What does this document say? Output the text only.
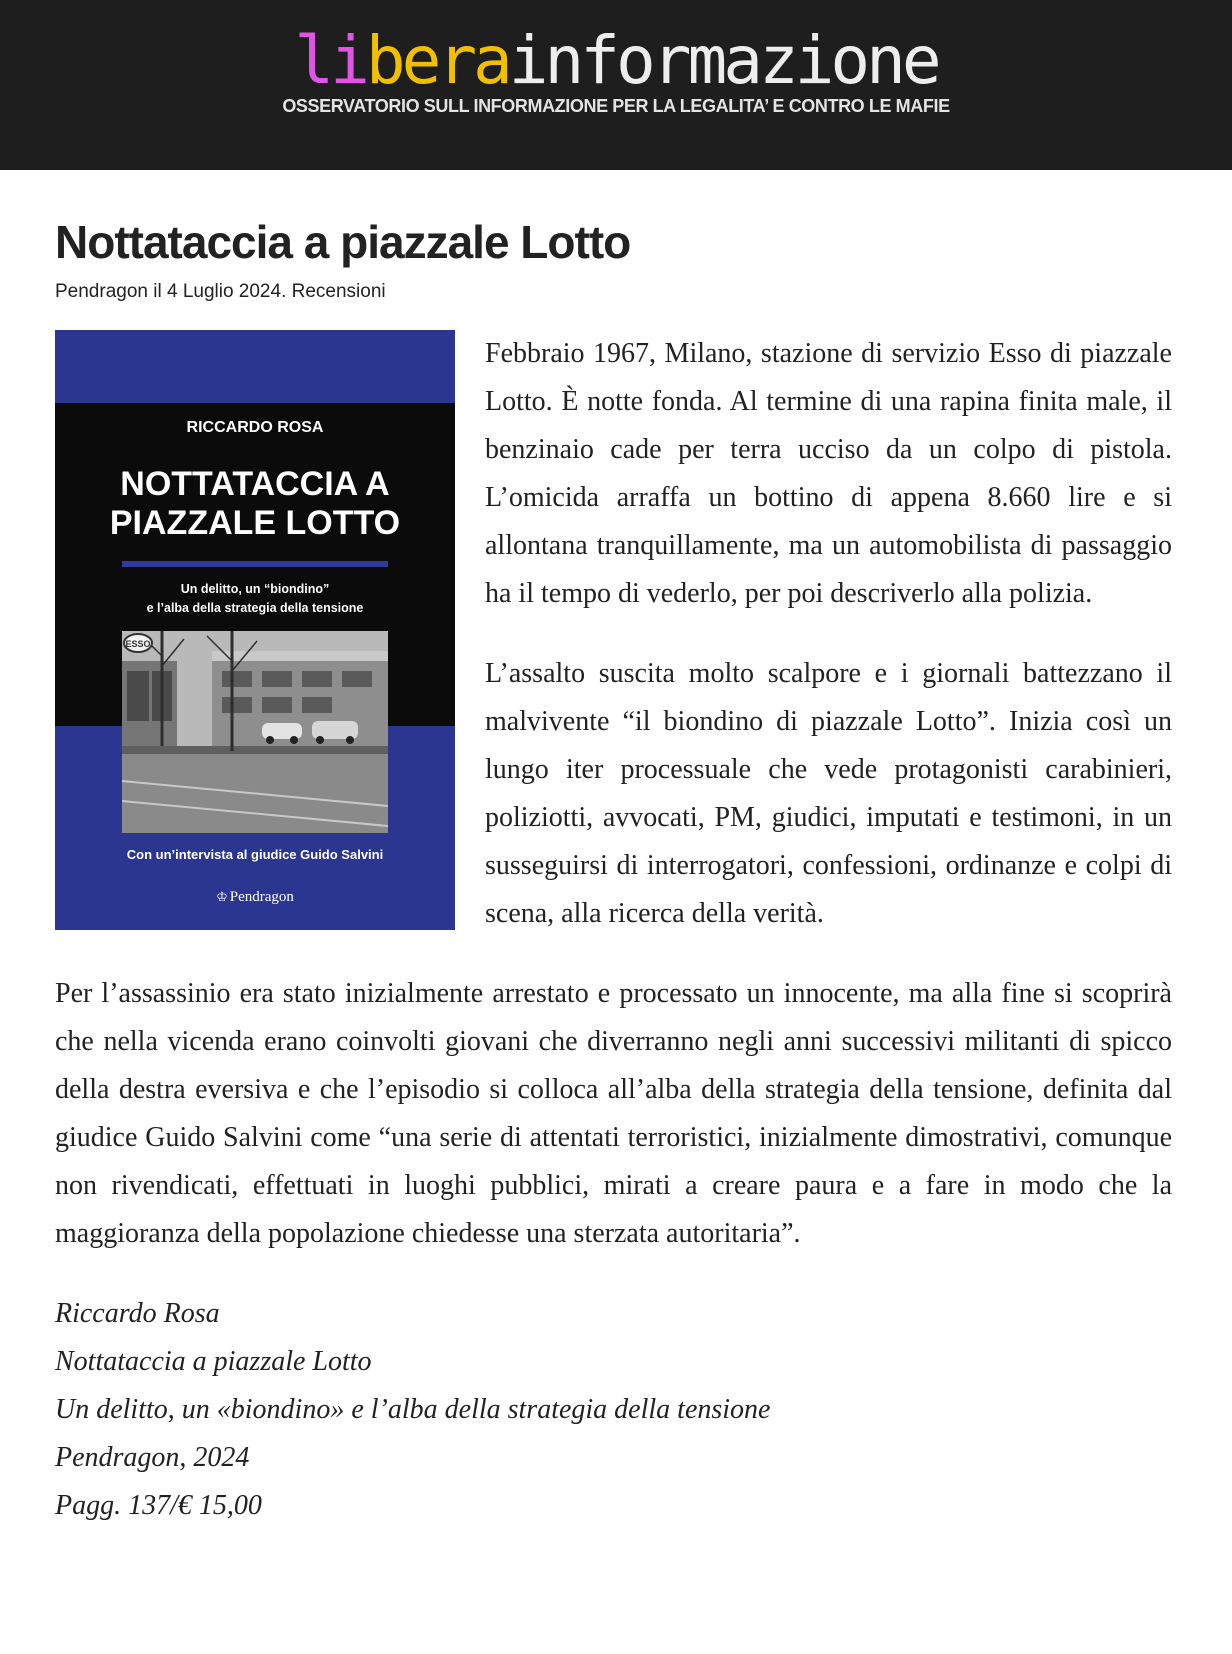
liberainformazione
OSSERVATORIO SULL INFORMAZIONE PER LA LEGALITA’ E CONTRO LE MAFIE
Nottataccia a piazzale Lotto
Pendragon il 4 Luglio 2024. Recensioni
RICCARDO ROSA
NOTTATACCIA A
PIAZZALE LOTTO
Un delitto, un “biondino”
e l’alba della strategia della tensione
ESSO
Con un’intervista al giudice Guido Salvini
♔ Pendragon

Febbraio 1967, Milano, stazione di servizio Esso di piazzale Lotto. È notte fonda. Al termine di una rapina finita male, il benzinaio cade per terra ucciso da un colpo di pistola. L’omicida arraffa un bottino di appena 8.660 lire e si allontana tranquillamente, ma un automobilista di passaggio ha il tempo di vederlo, per poi descriverlo alla polizia.

L’assalto suscita molto scalpore e i giornali battezzano il malvivente “il biondino di piazzale Lotto”. Inizia così un lungo iter processuale che vede protagonisti carabinieri, poliziotti, avvocati, PM, giudici, imputati e testimoni, in un susseguirsi di interrogatori, confessioni, ordinanze e colpi di scena, alla ricerca della verità.

Per l’assassinio era stato inizialmente arrestato e processato un innocente, ma alla fine si scoprirà che nella vicenda erano coinvolti giovani che diverranno negli anni successivi militanti di spicco della destra eversiva e che l’episodio si colloca all’alba della strategia della tensione, definita dal giudice Guido Salvini come “una serie di attentati terroristici, inizialmente dimostrativi, comunque non rivendicati, effettuati in luoghi pubblici, mirati a creare paura e a fare in modo che la maggioranza della popolazione chiedesse una sterzata autoritaria”.

Riccardo Rosa
Nottataccia a piazzale Lotto
Un delitto, un «biondino» e l’alba della strategia della tensione
Pendragon, 2024
Pagg. 137/€ 15,00
